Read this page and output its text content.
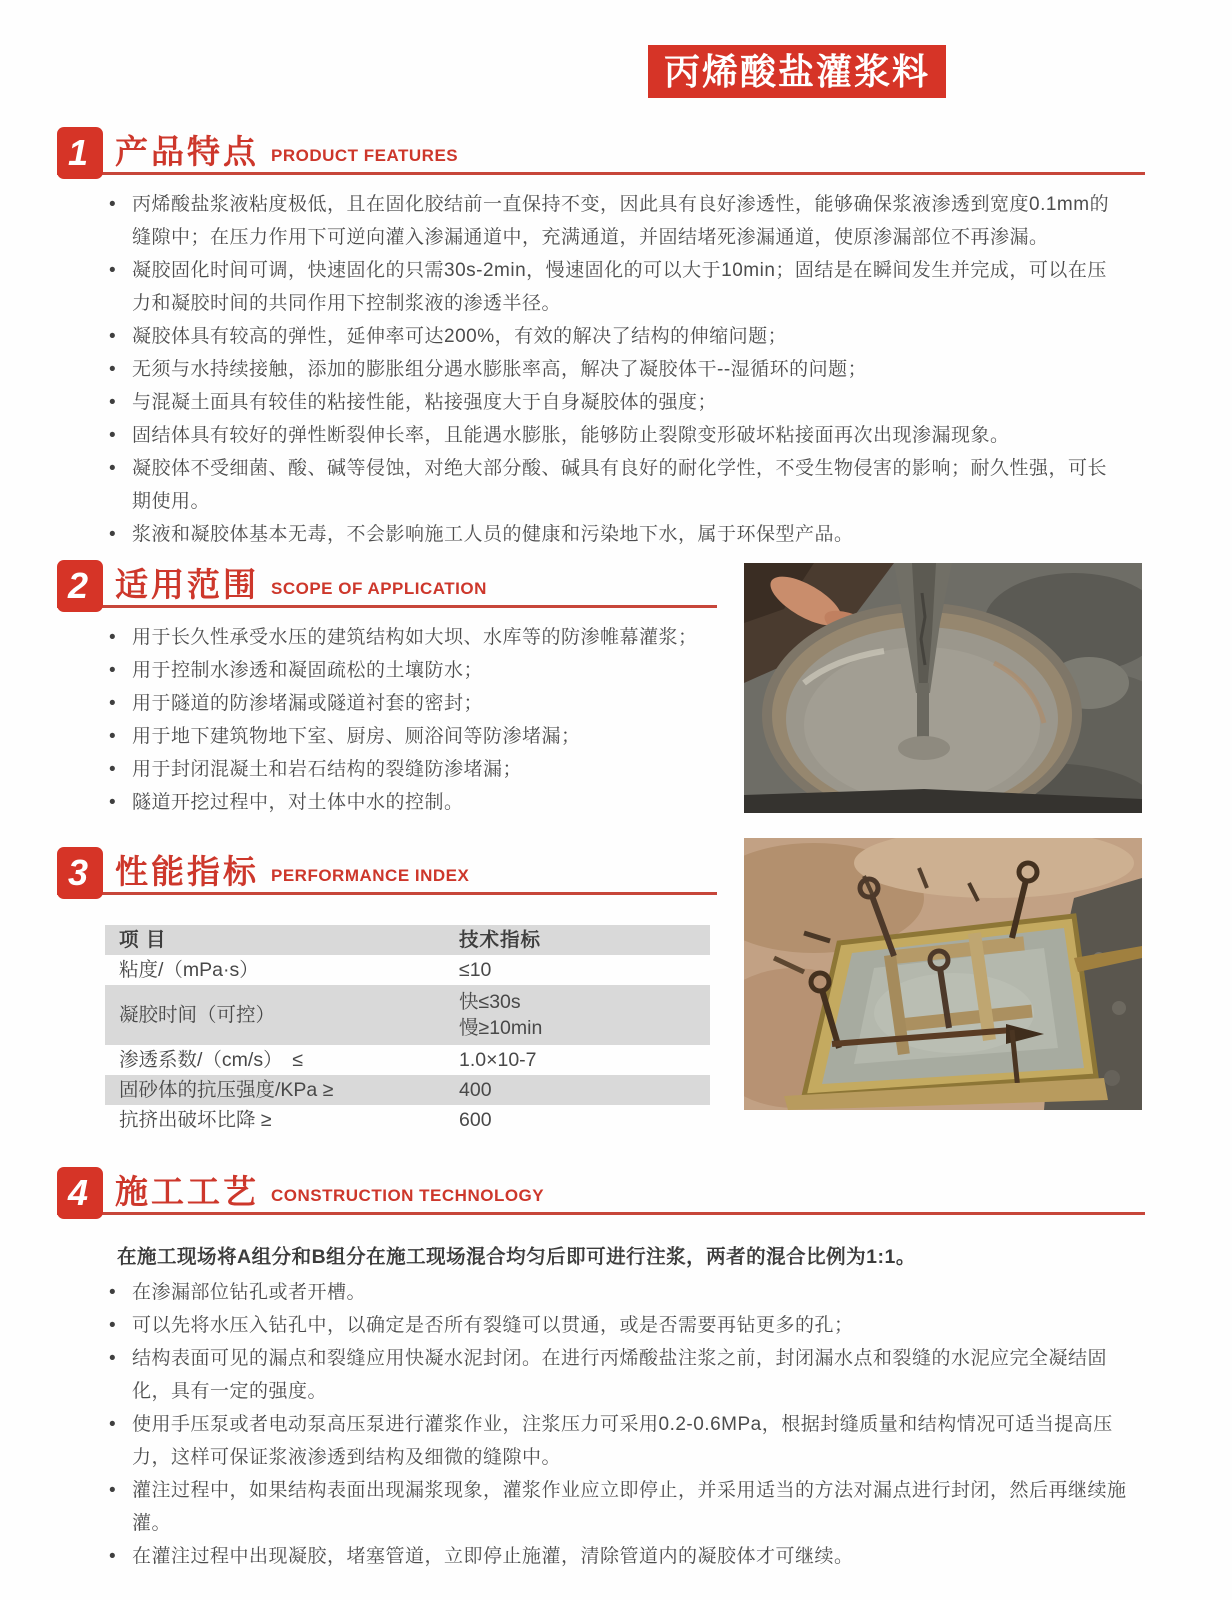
丙烯酸盐灌浆料
1 产品特点 PRODUCT FEATURES
• 丙烯酸盐浆液粘度极低，且在固化胶结前一直保持不变，因此具有良好渗透性，能够确保浆液渗透到宽度0.1mm的缝隙中；在压力作用下可逆向灌入渗漏通道中，充满通道，并固结堵死渗漏通道，使原渗漏部位不再渗漏。
• 凝胶固化时间可调，快速固化的只需30s-2min，慢速固化的可以大于10min；固结是在瞬间发生并完成，可以在压力和凝胶时间的共同作用下控制浆液的渗透半径。
• 凝胶体具有较高的弹性，延伸率可达200%，有效的解决了结构的伸缩问题；
• 无须与水持续接触，添加的膨胀组分遇水膨胀率高，解决了凝胶体干--湿循环的问题；
• 与混凝土面具有较佳的粘接性能，粘接强度大于自身凝胶体的强度；
• 固结体具有较好的弹性断裂伸长率，且能遇水膨胀，能够防止裂隙变形破坏粘接面再次出现渗漏现象。
• 凝胶体不受细菌、酸、碱等侵蚀，对绝大部分酸、碱具有良好的耐化学性，不受生物侵害的影响；耐久性强，可长期使用。
• 浆液和凝胶体基本无毒，不会影响施工人员的健康和污染地下水，属于环保型产品。
2 适用范围 SCOPE OF APPLICATION
• 用于长久性承受水压的建筑结构如大坝、水库等的防渗帷幕灌浆；
• 用于控制水渗透和凝固疏松的土壤防水；
• 用于隧道的防渗堵漏或隧道衬套的密封；
• 用于地下建筑物地下室、厨房、厕浴间等防渗堵漏；
• 用于封闭混凝土和岩石结构的裂缝防渗堵漏；
• 隧道开挖过程中，对土体中水的控制。
3 性能指标 PERFORMANCE INDEX
项 目	技术指标
粘度/（mPa·s）	≤10
凝胶时间（可控）	快≤30s
慢≥10min

渗透系数/（cm/s）　≤	1.0×10-7
固砂体的抗压强度/KPa ≥	400
抗挤出破坏比降 ≥	600
4 施工工艺 CONSTRUCTION TECHNOLOGY

在施工现场将A组分和B组分在施工现场混合均匀后即可进行注浆，两者的混合比例为1:1。

• 在渗漏部位钻孔或者开槽。
• 可以先将水压入钻孔中，以确定是否所有裂缝可以贯通，或是否需要再钻更多的孔；
• 结构表面可见的漏点和裂缝应用快凝水泥封闭。在进行丙烯酸盐注浆之前，封闭漏水点和裂缝的水泥应完全凝结固化，具有一定的强度。
• 使用手压泵或者电动泵高压泵进行灌浆作业，注浆压力可采用0.2-0.6MPa，根据封缝质量和结构情况可适当提高压力，这样可保证浆液渗透到结构及细微的缝隙中。
• 灌注过程中，如果结构表面出现漏浆现象，灌浆作业应立即停止，并采用适当的方法对漏点进行封闭，然后再继续施灌。
• 在灌注过程中出现凝胶，堵塞管道，立即停止施灌，清除管道内的凝胶体才可继续。
